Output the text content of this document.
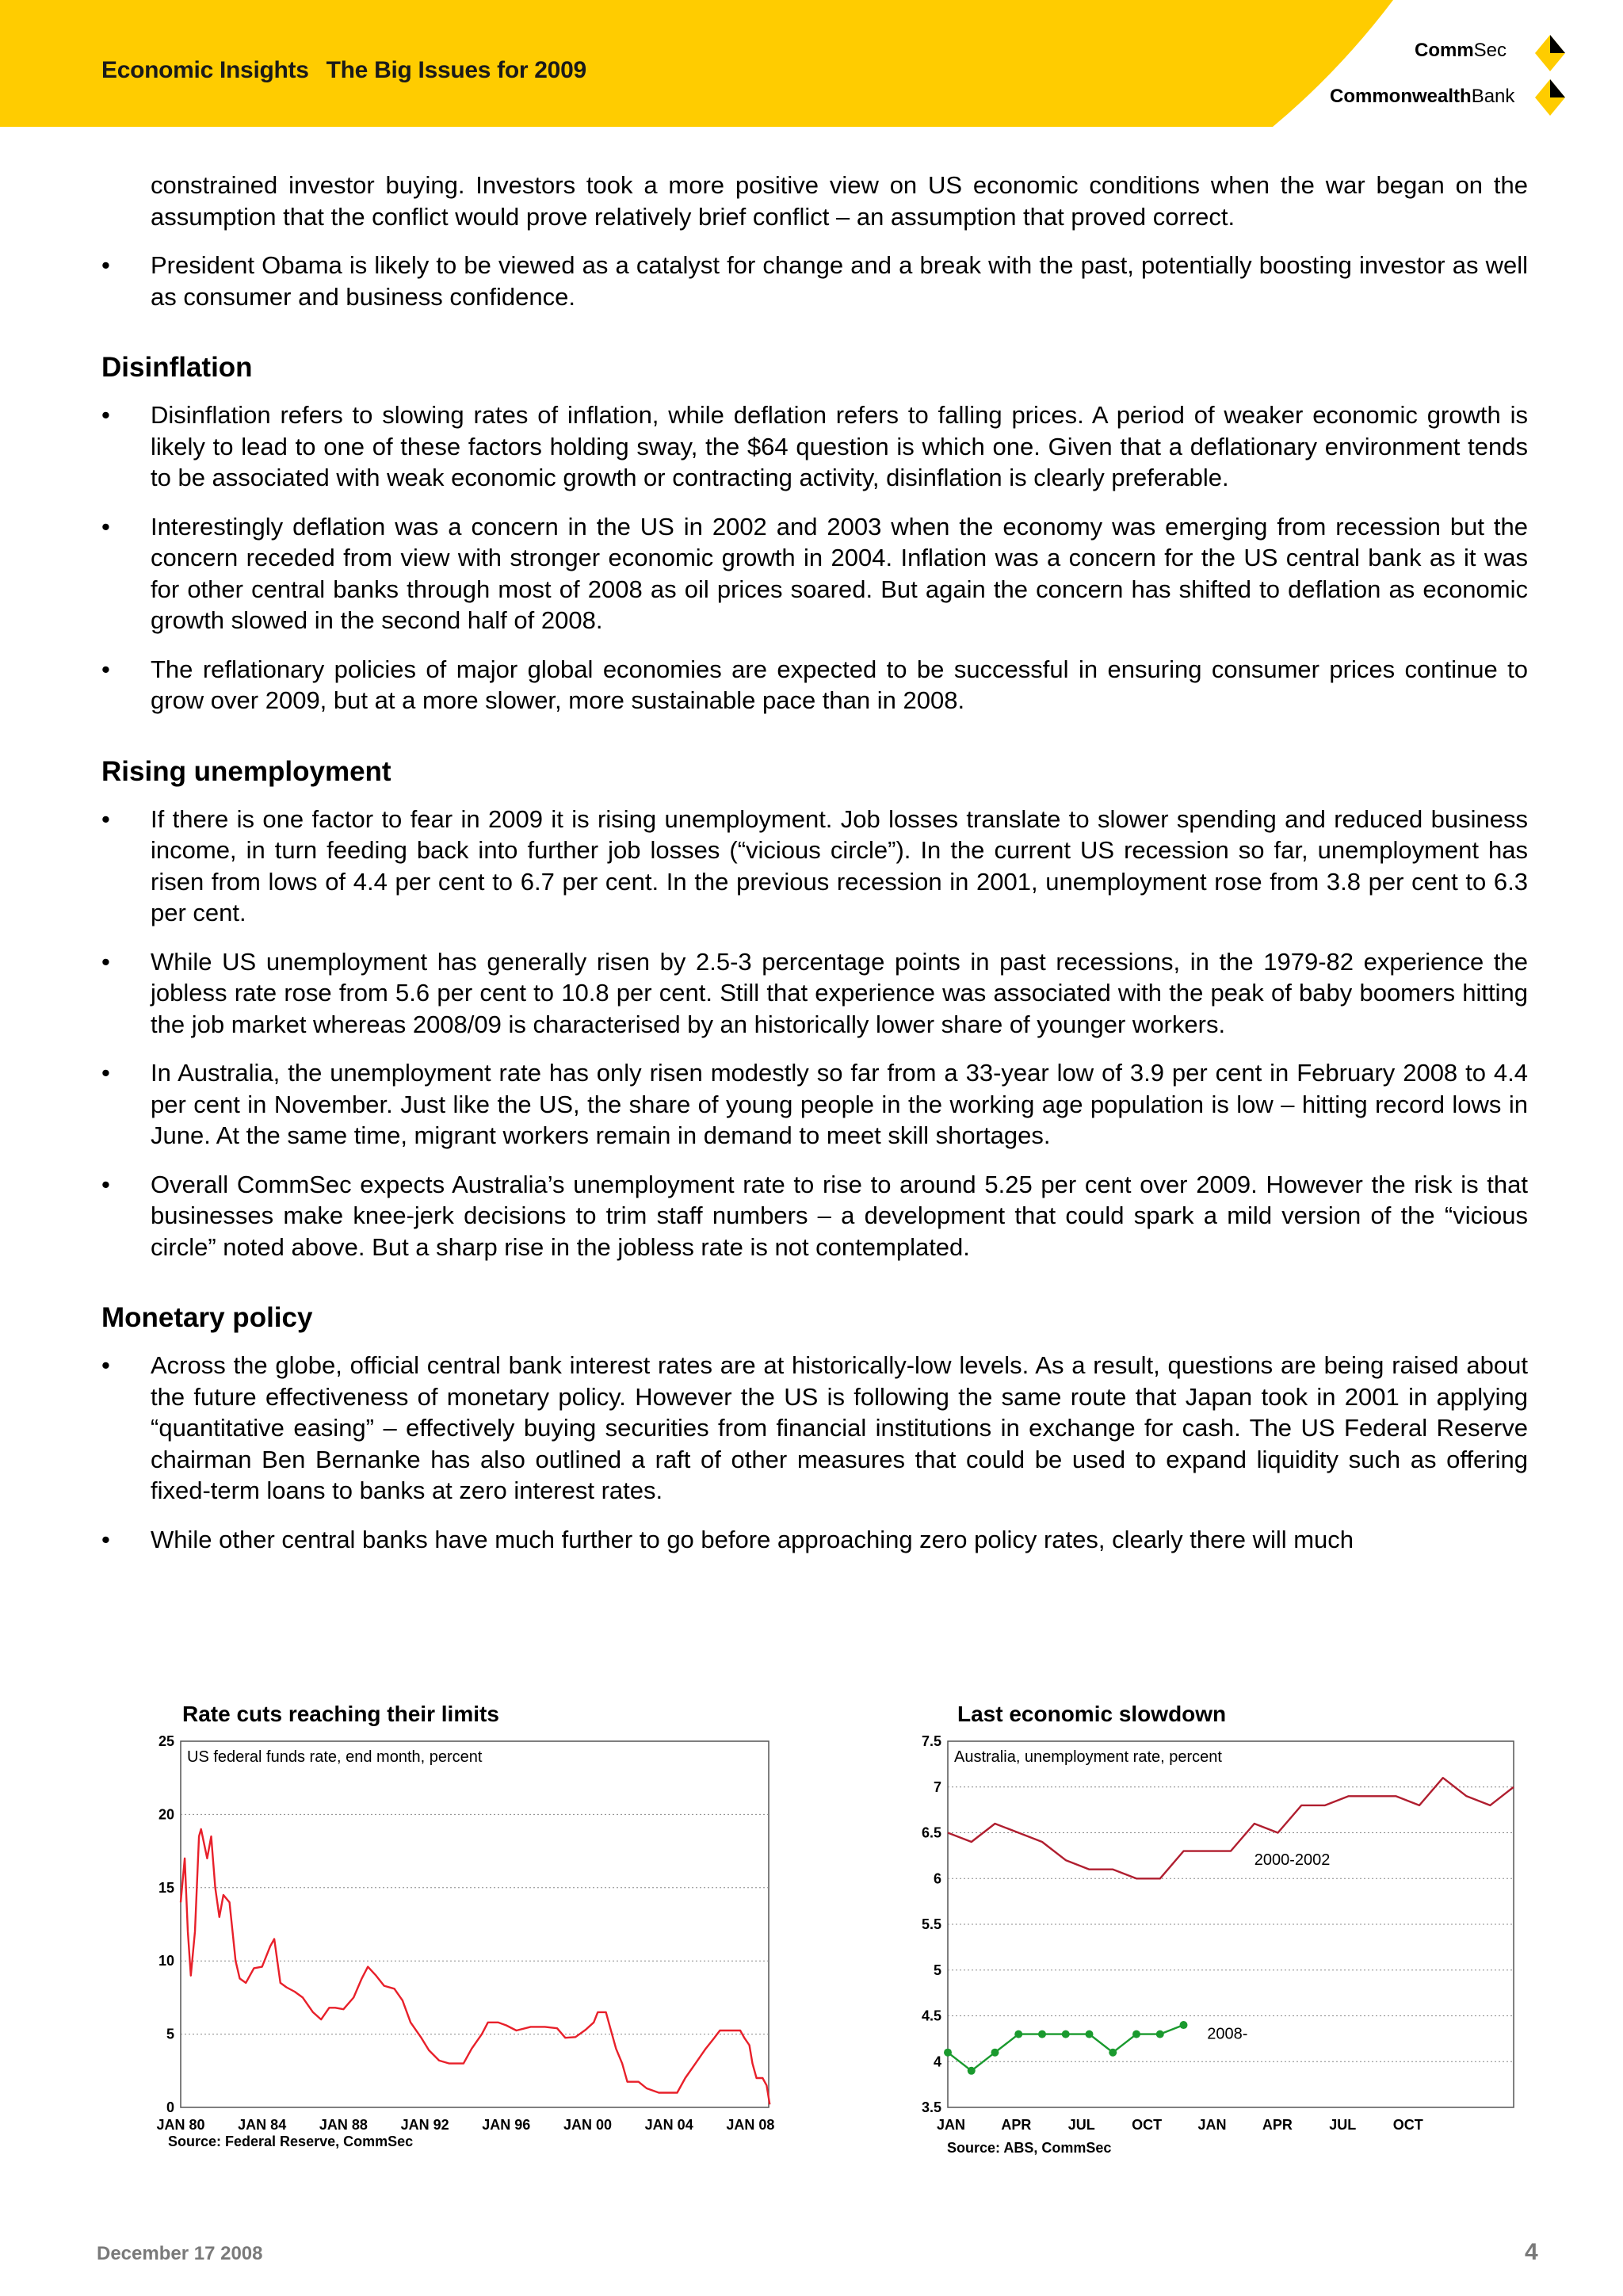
Economic Insights The Big Issues for 2009
CommSec
CommonwealthBank

constrained investor buying. Investors took a more positive view on US economic conditions when the war began on the assumption that the conflict would prove relatively brief conflict – an assumption that proved correct.

• President Obama is likely to be viewed as a catalyst for change and a break with the past, potentially boosting investor as well as consumer and business confidence.

Disinflation
• Disinflation refers to slowing rates of inflation, while deflation refers to falling prices. A period of weaker economic growth is likely to lead to one of these factors holding sway, the $64 question is which one. Given that a deflationary environment tends to be associated with weak economic growth or contracting activity, disinflation is clearly preferable.

• Interestingly deflation was a concern in the US in 2002 and 2003 when the economy was emerging from recession but the concern receded from view with stronger economic growth in 2004. Inflation was a concern for the US central bank as it was for other central banks through most of 2008 as oil prices soared. But again the concern has shifted to deflation as economic growth slowed in the second half of 2008.

• The reflationary policies of major global economies are expected to be successful in ensuring consumer prices continue to grow over 2009, but at a more slower, more sustainable pace than in 2008.

Rising unemployment
• If there is one factor to fear in 2009 it is rising unemployment. Job losses translate to slower spending and reduced business income, in turn feeding back into further job losses (“vicious circle”). In the current US recession so far, unemployment has risen from lows of 4.4 per cent to 6.7 per cent. In the previous recession in 2001, unemployment rose from 3.8 per cent to 6.3 per cent.

• While US unemployment has generally risen by 2.5-3 percentage points in past recessions, in the 1979-82 experience the jobless rate rose from 5.6 per cent to 10.8 per cent. Still that experience was associated with the peak of baby boomers hitting the job market whereas 2008/09 is characterised by an historically lower share of younger workers.

• In Australia, the unemployment rate has only risen modestly so far from a 33-year low of 3.9 per cent in February 2008 to 4.4 per cent in November. Just like the US, the share of young people in the working age population is low – hitting record lows in June. At the same time, migrant workers remain in demand to meet skill shortages.

• Overall CommSec expects Australia’s unemployment rate to rise to around 5.25 per cent over 2009. However the risk is that businesses make knee-jerk decisions to trim staff numbers – a development that could spark a mild version of the “vicious circle” noted above. But a sharp rise in the jobless rate is not contemplated.

Monetary policy
• Across the globe, official central bank interest rates are at historically-low levels. As a result, questions are being raised about the future effectiveness of monetary policy. However the US is following the same route that Japan took in 2001 in applying “quantitative easing” – effectively buying securities from financial institutions in exchange for cash. The US Federal Reserve chairman Ben Bernanke has also outlined a raft of other measures that could be used to expand liquidity such as offering fixed-term loans to banks at zero interest rates.

• While other central banks have much further to go before approaching zero policy rates, clearly there will much

Rate cuts reaching their limits
0
5
10
15
20
25
US federal funds rate, end month, percent
JAN 80 JAN 84 JAN 88 JAN 92 JAN 96 JAN 00 JAN 04 JAN 08
Source: Federal Reserve, CommSec
Last economic slowdown
3.5
4
4.5
5
5.5
6
6.5
7
7.5
Australia, unemployment rate, percent
JAN	APR	JUL	OCT	JAN	APR	JUL	OCT
2000-2002
2008-
Source: ABS, CommSec
December 17 2008	4
